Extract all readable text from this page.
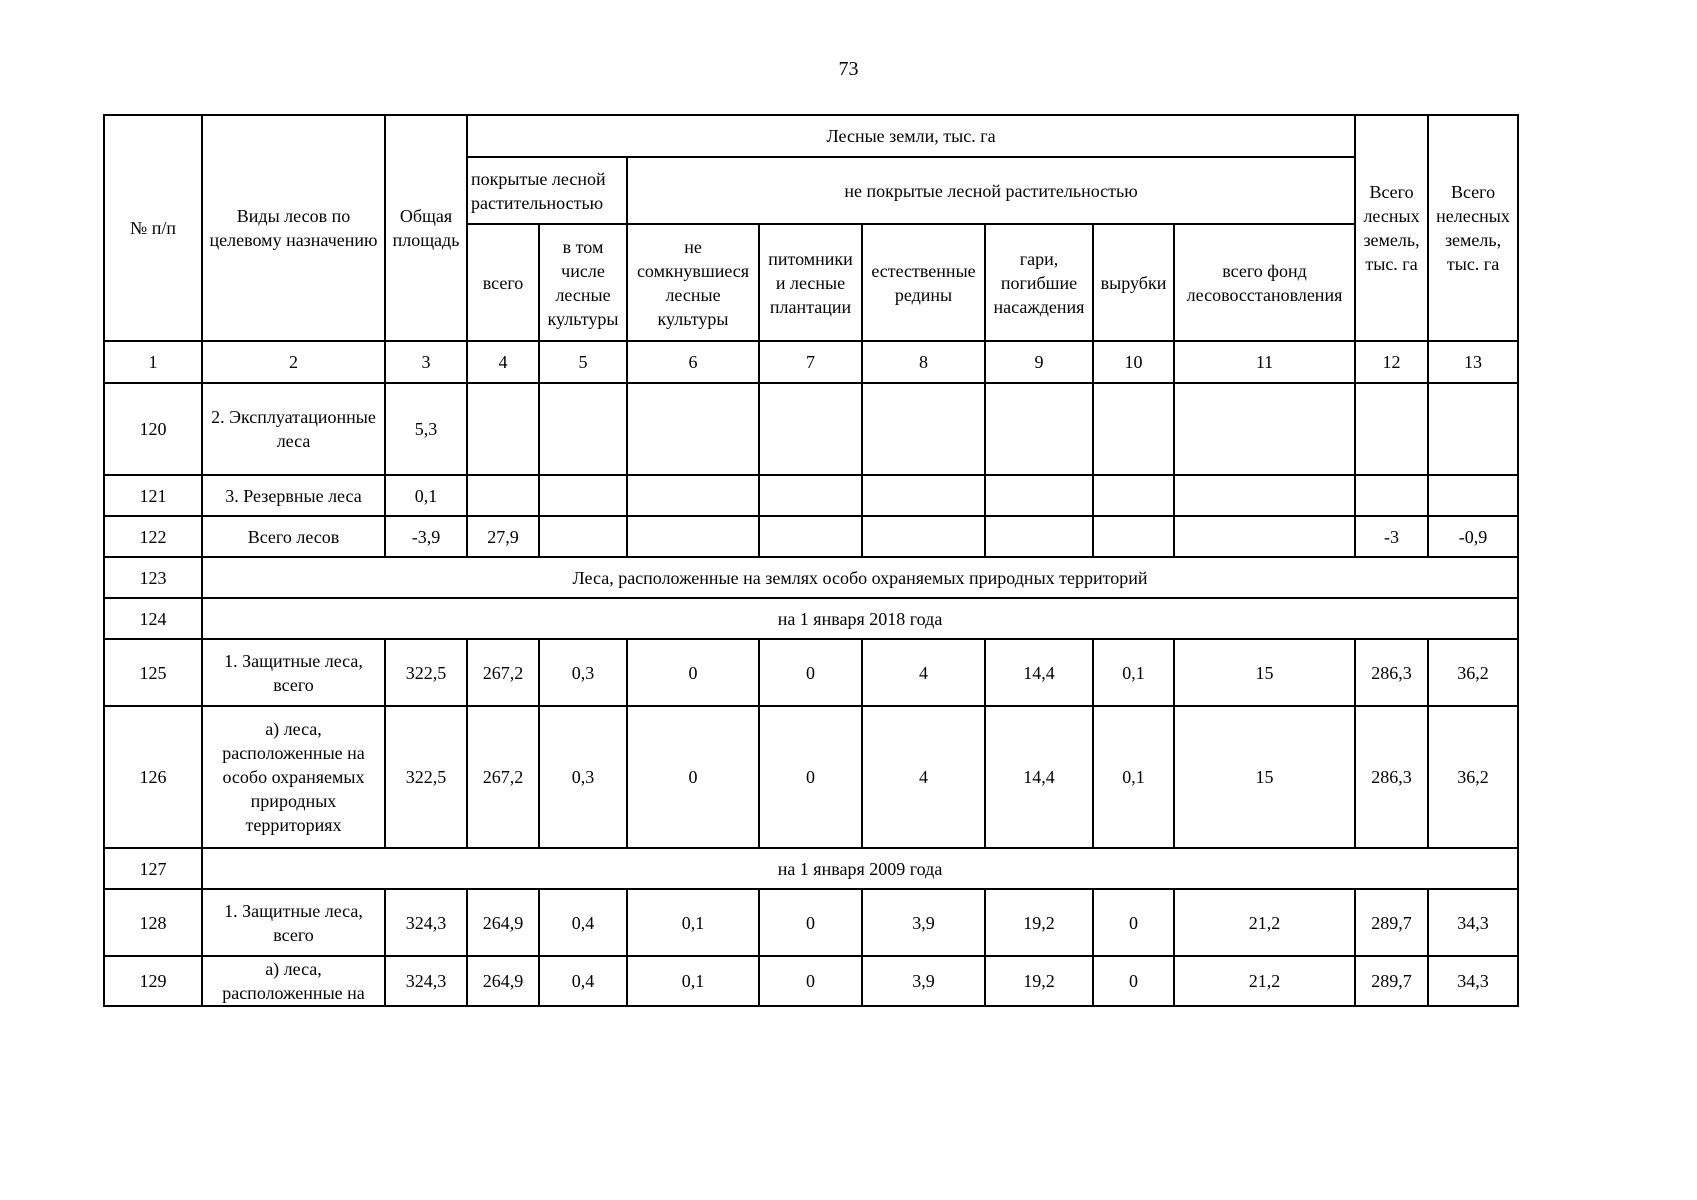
73
№ п/п	Виды лесов по целевому назначению	Общая площадь	Лесные земли, тыс. га								Всего лесных земель, тыс. га	Всего нелесных земель, тыс. га
			покрытые лесной растительностью		не покрытые лесной растительностью							
			всего	в том числе лесные культуры	не сомкнувшиеся лесные культуры	питомники и лесные плантации	естественные редины	гари, погибшие насаждения	вырубки	всего фонд лесовосстановления		
1	2	3	4	5	6	7	8	9	10	11	12	13
120	2. Эксплуатационные леса	5,3										
121	3. Резервные леса	0,1										
122	Всего лесов	-3,9	27,9								-3	-0,9
123	Леса, расположенные на землях особо охраняемых природных территорий											
124	на 1 января 2018 года											
125	1. Защитные леса, всего	322,5	267,2	0,3	0	0	4	14,4	0,1	15	286,3	36,2
126	а) леса, расположенные на особо охраняемых природных территориях	322,5	267,2	0,3	0	0	4	14,4	0,1	15	286,3	36,2
127	на 1 января 2009 года											
128	1. Защитные леса, всего	324,3	264,9	0,4	0,1	0	3,9	19,2	0	21,2	289,7	34,3
129	а) леса, расположенные на	324,3	264,9	0,4	0,1	0	3,9	19,2	0	21,2	289,7	34,3
